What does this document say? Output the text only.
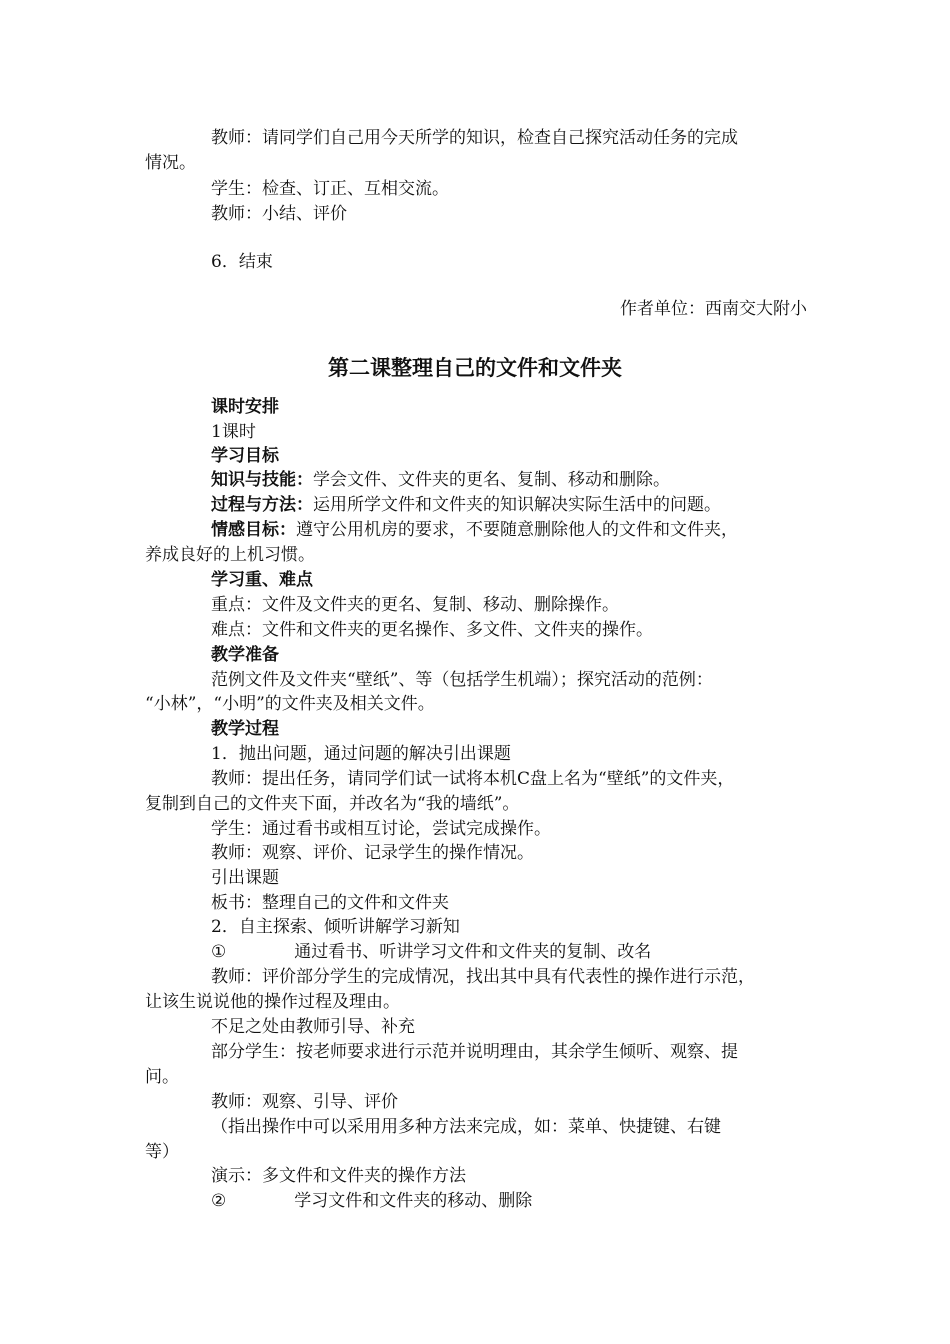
教师：请同学们自己用今天所学的知识，检查自己探究活动任务的完成
情况。
学生：检查、订正、互相交流。
教师：小结、评价
6．结束
作者单位：西南交大附小
第二课整理自己的文件和文件夹
课时安排
1课时
学习目标
知识与技能：学会文件、文件夹的更名、复制、移动和删除。
过程与方法：运用所学文件和文件夹的知识解决实际生活中的问题。
情感目标：遵守公用机房的要求，不要随意删除他人的文件和文件夹，
养成良好的上机习惯。
学习重、难点
重点：文件及文件夹的更名、复制、移动、删除操作。
难点：文件和文件夹的更名操作、多文件、文件夹的操作。
教学准备
范例文件及文件夹“壁纸”、等（包括学生机端）；探究活动的范例：
“小林”，“小明”的文件夹及相关文件。
教学过程
1．抛出问题，通过问题的解决引出课题
教师：提出任务，请同学们试一试将本机C盘上名为“壁纸”的文件夹，
复制到自己的文件夹下面，并改名为“我的墙纸”。
学生：通过看书或相互讨论，尝试完成操作。
教师：观察、评价、记录学生的操作情况。
引出课题
板书：整理自己的文件和文件夹
2．自主探索、倾听讲解学习新知
①	通过看书、听讲学习文件和文件夹的复制、改名
教师：评价部分学生的完成情况，找出其中具有代表性的操作进行示范，
让该生说说他的操作过程及理由。
不足之处由教师引导、补充
部分学生：按老师要求进行示范并说明理由，其余学生倾听、观察、提
问。
教师：观察、引导、评价
（指出操作中可以采用用多种方法来完成，如：菜单、快捷键、右键
等）
演示：多文件和文件夹的操作方法
②	学习文件和文件夹的移动、删除
